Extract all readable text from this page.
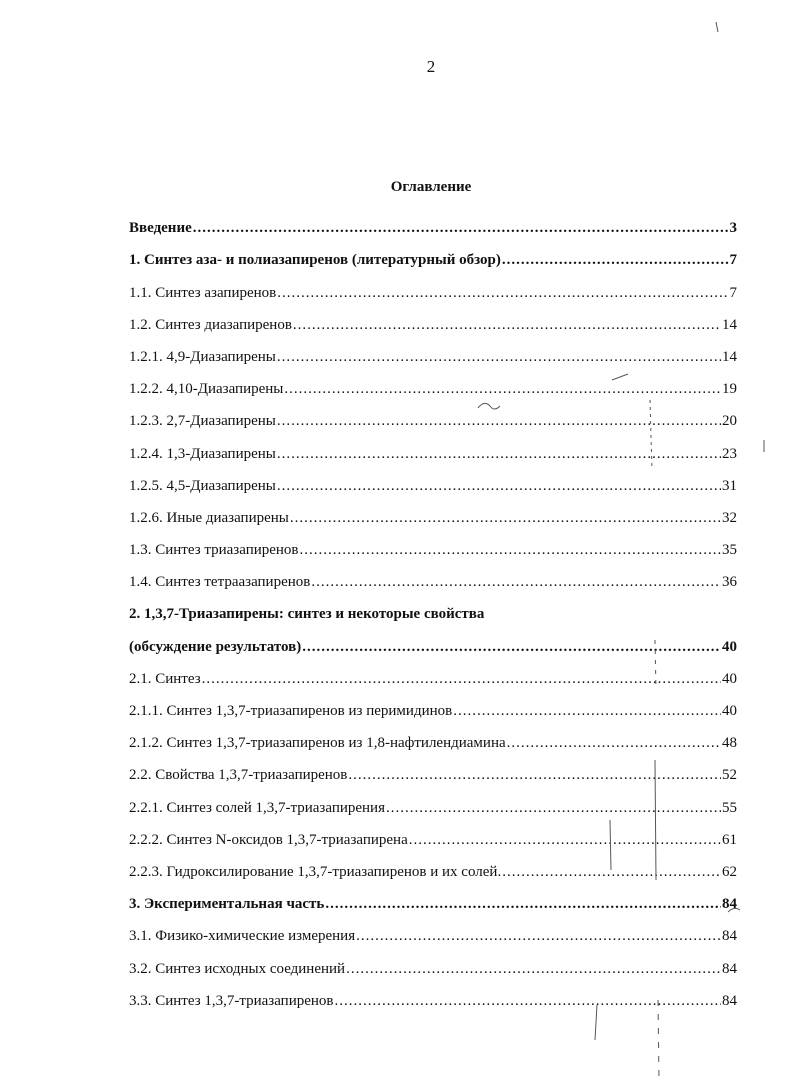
2
Оглавление
Введение .....	3
1. Синтез аза- и полиазапиренов (литературный обзор) .....	7
1.1. Синтез азапиренов .....	7
1.2. Синтез диазапиренов .....	14
1.2.1. 4,9-Диазапирены .....	14
1.2.2. 4,10-Диазапирены .....	19
1.2.3. 2,7-Диазапирены .....	20
1.2.4. 1,3-Диазапирены .....	23
1.2.5. 4,5-Диазапирены .....	31
1.2.6. Иные диазапирены .....	32
1.3. Синтез триазапиренов .....	35
1.4. Синтез тетраазапиренов .....	36
2. 1,3,7-Триазапирены: синтез и некоторые свойства
(обсуждение результатов) .....	40
2.1. Синтез .....	40
2.1.1. Синтез 1,3,7-триазапиренов из перимидинов .....	40
2.1.2. Синтез 1,3,7-триазапиренов из 1,8-нафтилендиамина .....	48
2.2. Свойства 1,3,7-триазапиренов .....	52
2.2.1. Синтез солей 1,3,7-триазапирения .....	55
2.2.2. Синтез N-оксидов 1,3,7-триазапирена .....	61
2.2.3. Гидроксилирование 1,3,7-триазапиренов и их солей. .....	62
3. Экспериментальная часть .....	84
3.1. Физико-химические измерения .....	84
3.2. Синтез исходных соединений .....	84
3.3. Синтез 1,3,7-триазапиренов .....	84
